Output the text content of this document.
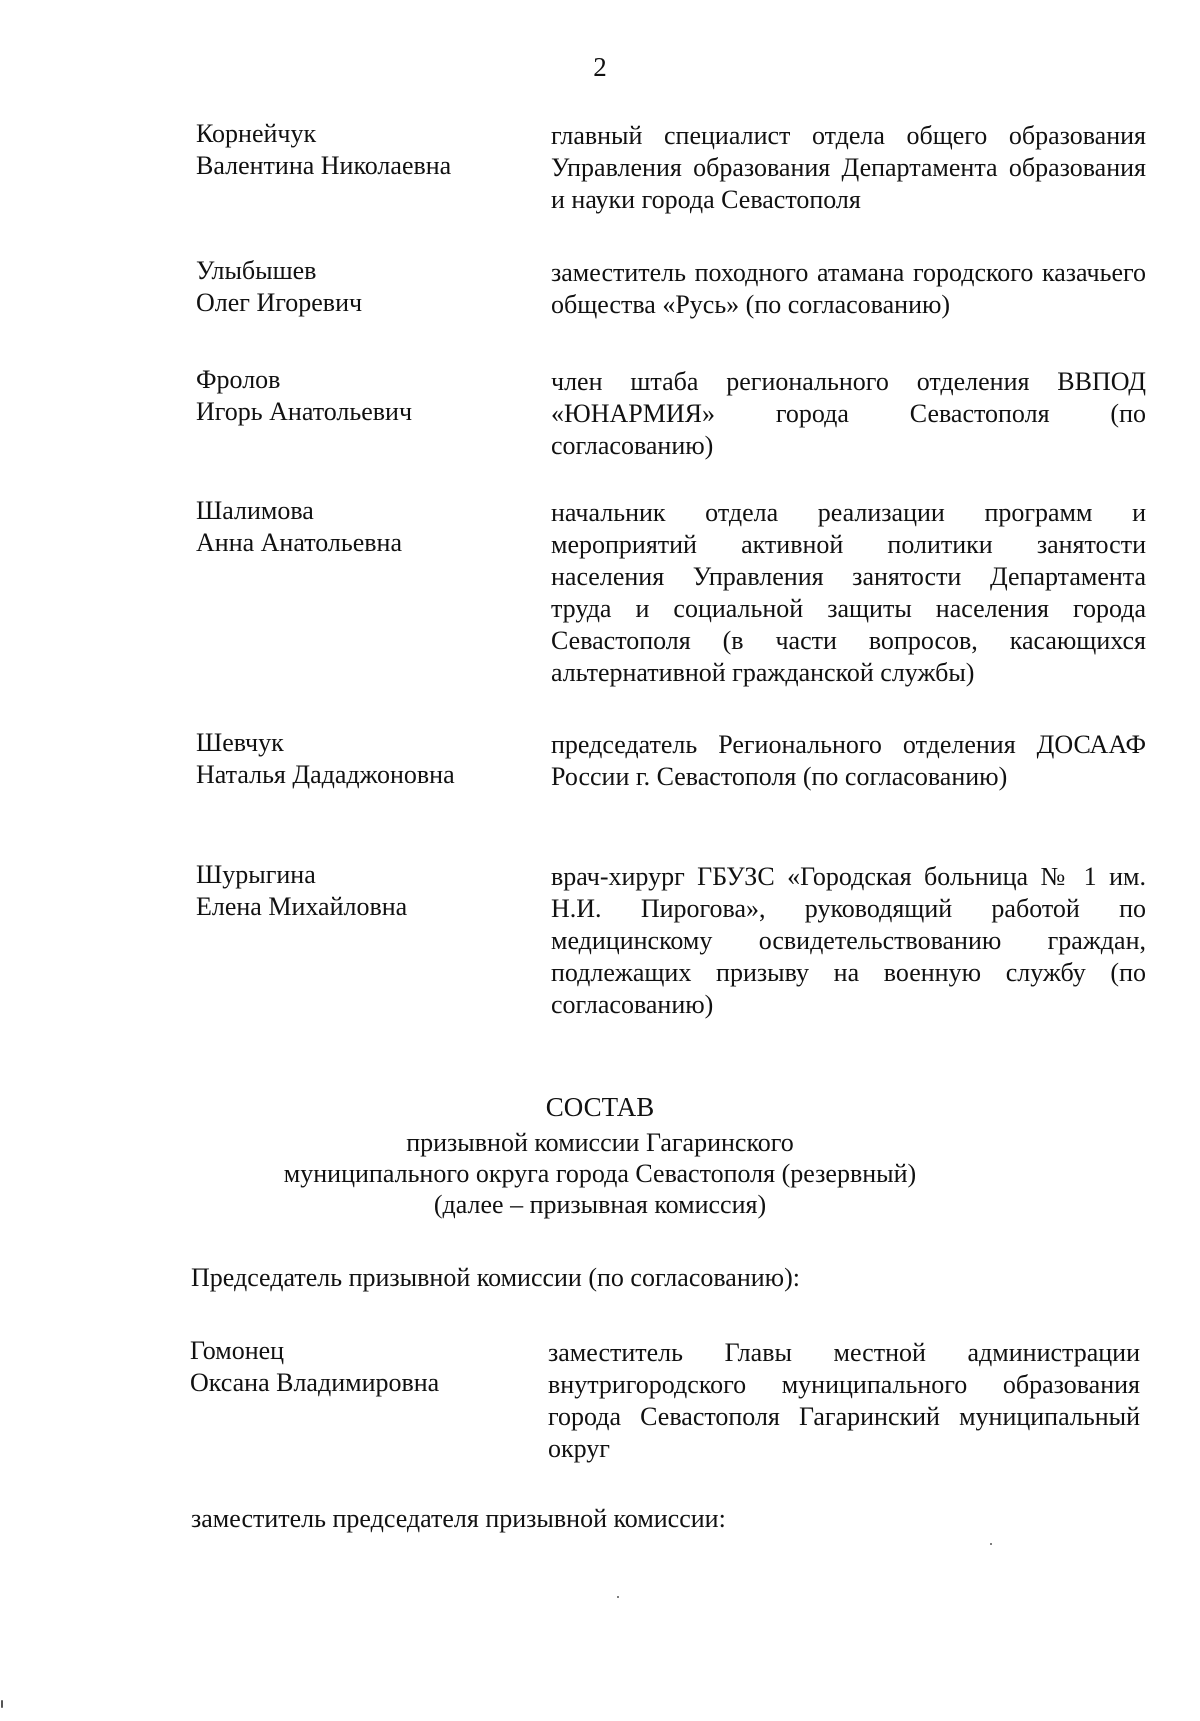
2
Корнейчук
Валентина Николаевна
главный специалист отдела общего образования Управления образования Департамента образования и науки города Севастополя
Улыбышев
Олег Игоревич
заместитель походного атамана городского казачьего общества «Русь» (по согласованию)
Фролов
Игорь Анатольевич
член штаба регионального отделения ВВПОД «ЮНАРМИЯ» города Севастополя (по согласованию)
Шалимова
Анна Анатольевна
начальник отдела реализации программ и мероприятий активной политики занятости населения Управления занятости Департамента труда и социальной защиты населения города Севастополя (в части вопросов, касающихся альтернативной гражданской службы)
Шевчук
Наталья Дададжоновна
председатель Регионального отделения ДОСААФ России г. Севастополя (по согласованию)
Шурыгина
Елена Михайловна
врач-хирург ГБУЗС «Городская больница № 1 им. Н.И. Пирогова», руководящий работой по медицинскому освидетельствованию граждан, подлежащих призыву на военную службу (по согласованию)
СОСТАВ
призывной комиссии Гагаринского
муниципального округа города Севастополя (резервный)
(далее – призывная комиссия)
Председатель призывной комиссии (по согласованию):
Гомонец
Оксана Владимировна
заместитель Главы местной администрации внутригородского муниципального образования города Севастополя Гагаринский муниципальный округ
заместитель председателя призывной комиссии:
